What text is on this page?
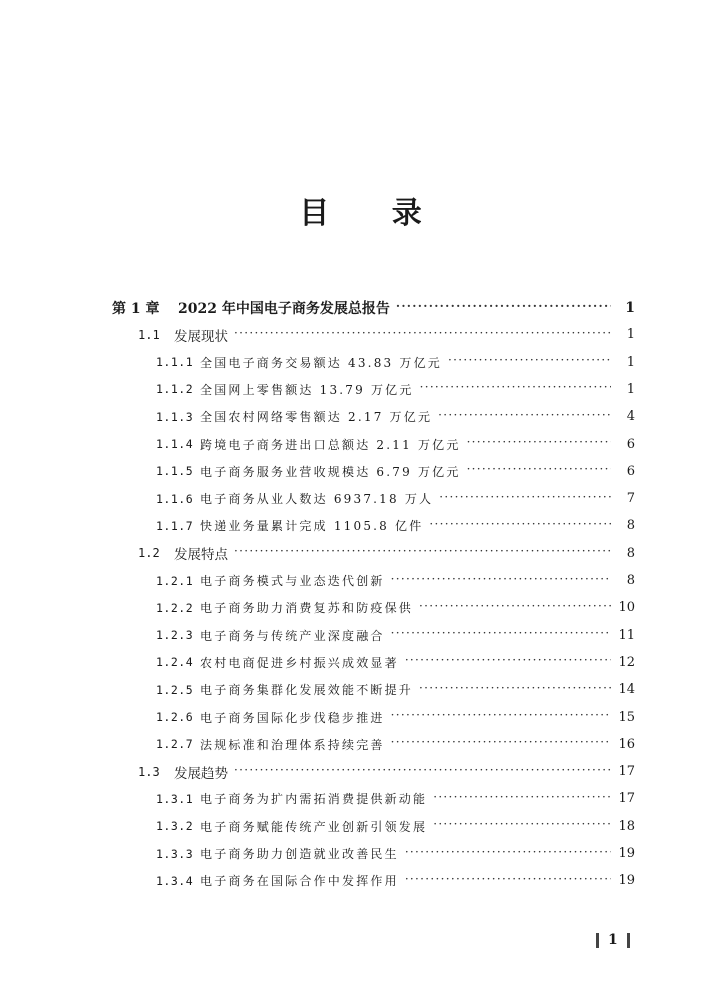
目 录
第 1 章	2022 年中国电子商务发展总报告 ·····	1
1.1	发展现状 ·····	1
1.1.1 全国电子商务交易额达 43.83 万亿元 ·····	1
1.1.2 全国网上零售额达 13.79 万亿元 ·····	1
1.1.3 全国农村网络零售额达 2.17 万亿元 ·····	4
1.1.4 跨境电子商务进出口总额达 2.11 万亿元 ·····	6
1.1.5 电子商务服务业营收规模达 6.79 万亿元 ·····	6
1.1.6 电子商务从业人数达 6937.18 万人 ·····	7
1.1.7 快递业务量累计完成 1105.8 亿件 ·····	8
1.2	发展特点 ·····	8
1.2.1 电子商务模式与业态迭代创新 ·····	8
1.2.2 电子商务助力消费复苏和防疫保供 ·····	10
1.2.3 电子商务与传统产业深度融合 ·····	11
1.2.4 农村电商促进乡村振兴成效显著 ·····	12
1.2.5 电子商务集群化发展效能不断提升 ·····	14
1.2.6 电子商务国际化步伐稳步推进 ·····	15
1.2.7 法规标准和治理体系持续完善 ·····	16
1.3	发展趋势 ·····	17
1.3.1 电子商务为扩内需拓消费提供新动能 ·····	17
1.3.2 电子商务赋能传统产业创新引领发展 ·····	18
1.3.3 电子商务助力创造就业改善民生 ·····	19
1.3.4 电子商务在国际合作中发挥作用 ·····	19
1
